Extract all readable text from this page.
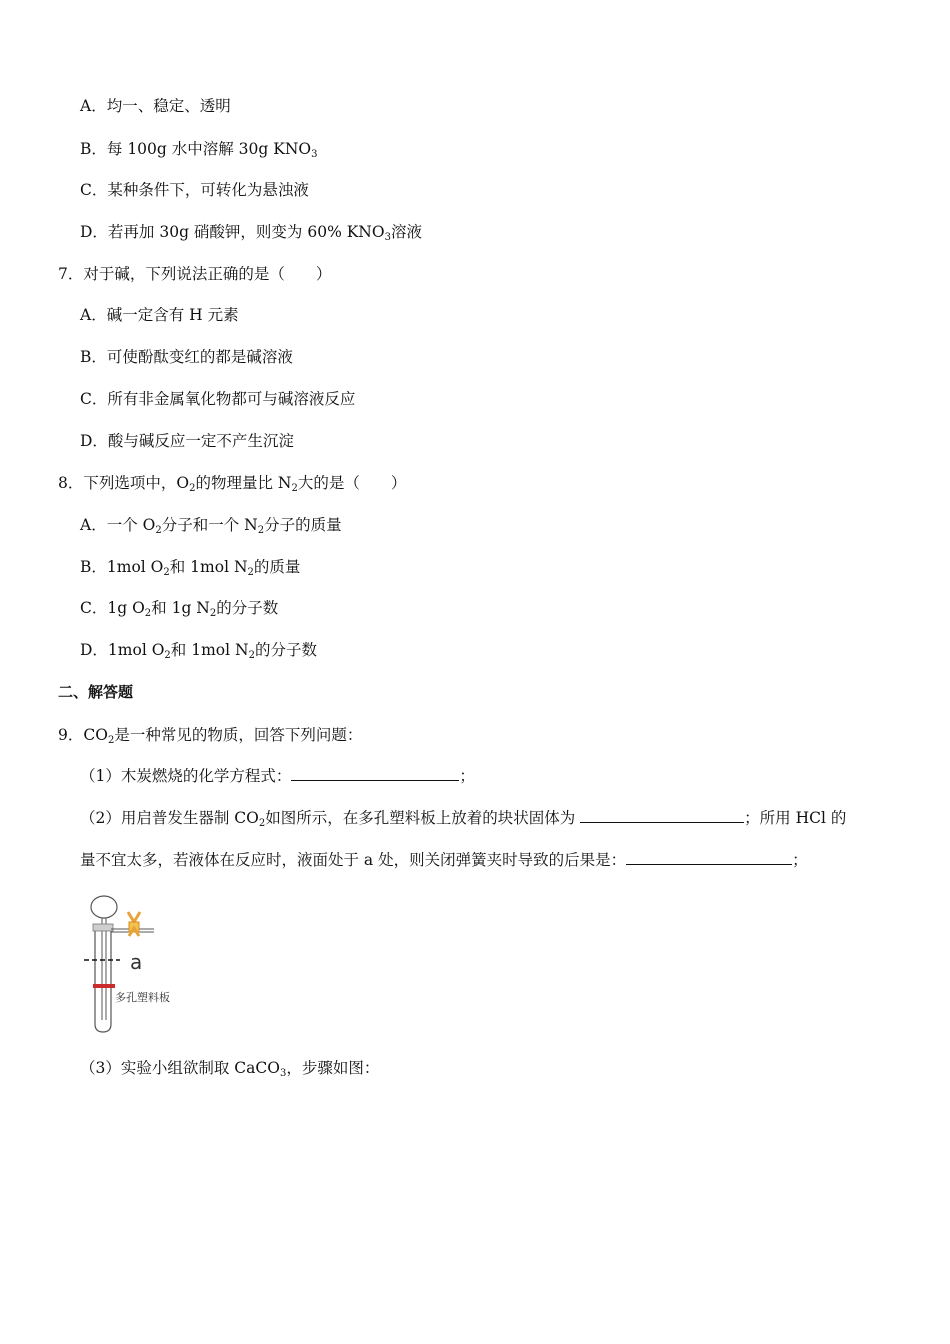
A．均一、稳定、透明
B．每 100g 水中溶解 30g $KNO_3$
C．某种条件下，可转化为悬浊液
D．若再加 30g 硝酸钾，则变为 60% $KNO_3$溶液
7．对于碱，下列说法正确的是（　　）
A．碱一定含有 H 元素
B．可使酚酞变红的都是碱溶液
C．所有非金属氧化物都可与碱溶液反应
D．酸与碱反应一定不产生沉淀
8．下列选项中，$O_2$的物理量比 $N_2$大的是（　　）
A．一个 $O_2$分子和一个 $N_2$分子的质量
B．1mol $O_2$和 1mol $N_2$的质量
C．1g $O_2$和 1g $N_2$的分子数
D．1mol $O_2$和 1mol $N_2$的分子数
二、解答题
9．$CO_2$是一种常见的物质，回答下列问题：
（1）木炭燃烧的化学方程式：	；
（2）用启普发生器制 $CO_2$如图所示，在多孔塑料板上放着的块状固体为	；所用 HCl 的
量不宜太多，若液体在反应时，液面处于 a 处，则关闭弹簧夹时导致的后果是：	；
a
多孔塑料板
（3）实验小组欲制取 CaCO$_3$，步骤如图：
